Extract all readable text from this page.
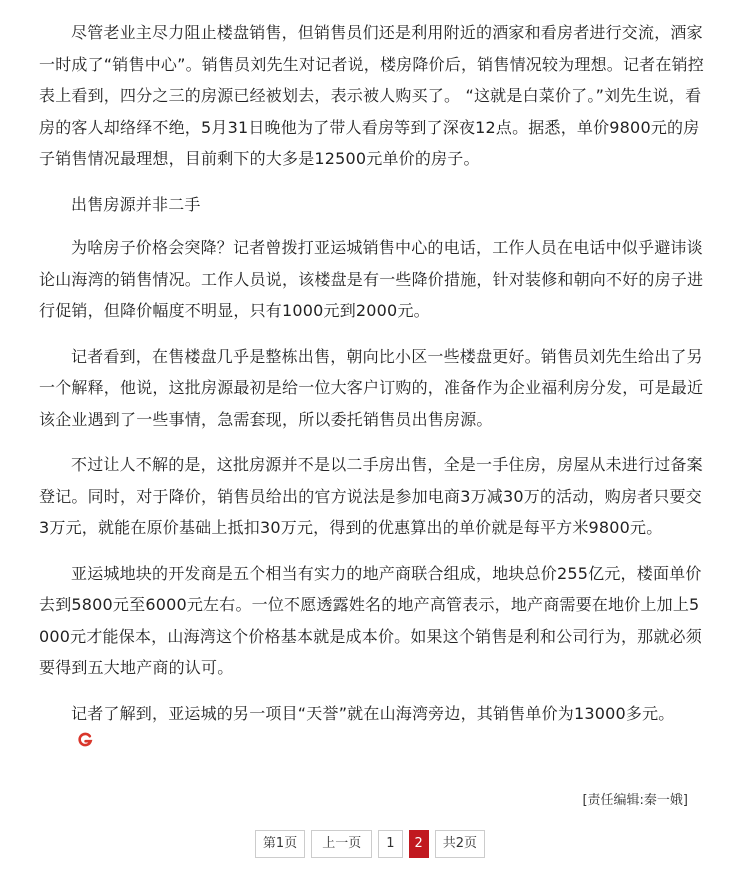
尽管老业主尽力阻止楼盘销售，但销售员们还是利用附近的酒家和看房者进行交流，酒家一时成了“销售中心”。销售员刘先生对记者说，楼房降价后，销售情况较为理想。记者在销控表上看到，四分之三的房源已经被划去，表示被人购买了。 “这就是白菜价了。”刘先生说，看房的客人却络绎不绝，5月31日晚他为了带人看房等到了深夜12点。据悉，单价9800元的房子销售情况最理想，目前剩下的大多是12500元单价的房子。

出售房源并非二手

为啥房子价格会突降？记者曾拨打亚运城销售中心的电话，工作人员在电话中似乎避讳谈论山海湾的销售情况。工作人员说，该楼盘是有一些降价措施，针对装修和朝向不好的房子进行促销，但降价幅度不明显，只有1000元到2000元。

记者看到，在售楼盘几乎是整栋出售，朝向比小区一些楼盘更好。销售员刘先生给出了另一个解释，他说，这批房源最初是给一位大客户订购的，准备作为企业福利房分发，可是最近该企业遇到了一些事情，急需套现，所以委托销售员出售房源。

不过让人不解的是，这批房源并不是以二手房出售，全是一手住房，房屋从未进行过备案登记。同时，对于降价，销售员给出的官方说法是参加电商3万减30万的活动，购房者只要交3万元，就能在原价基础上抵扣30万元，得到的优惠算出的单价就是每平方米9800元。

亚运城地块的开发商是五个相当有实力的地产商联合组成，地块总价255亿元，楼面单价去到5800元至6000元左右。一位不愿透露姓名的地产高管表示，地产商需要在地价上加上5000元才能保本，山海湾这个价格基本就是成本价。如果这个销售是利和公司行为，那就必须要得到五大地产商的认可。

记者了解到，亚运城的另一项目“天誉”就在山海湾旁边，其销售单价为13000多元。

[责任编辑:秦一娥]
第1页	上一页	1	2	共2页
